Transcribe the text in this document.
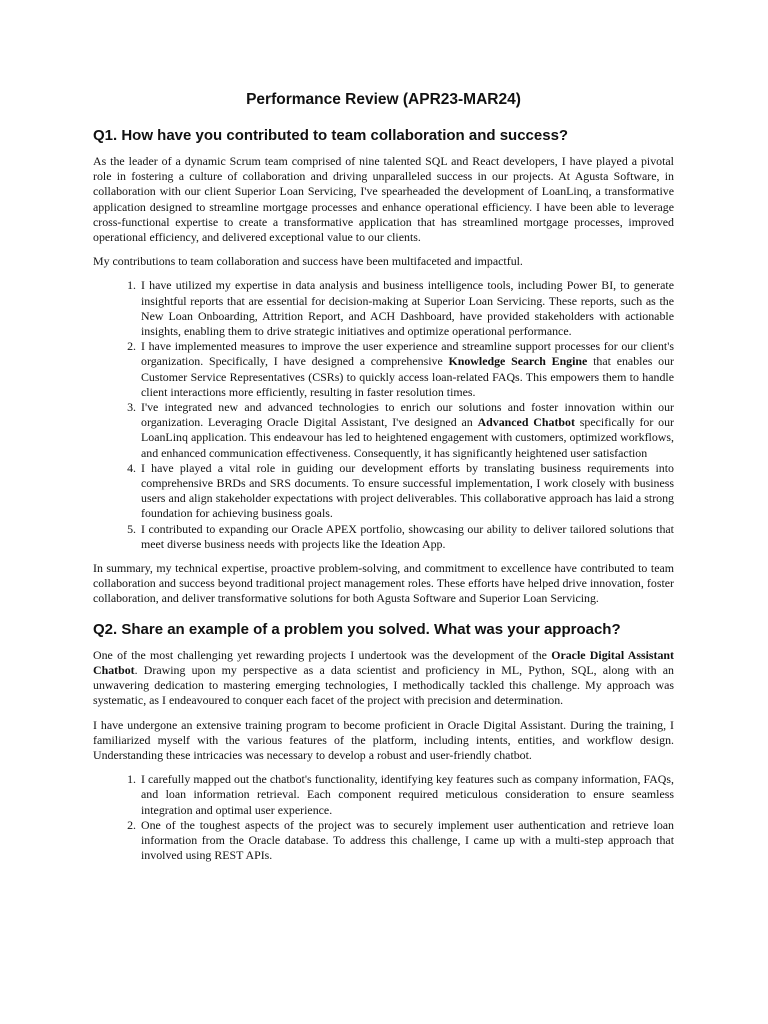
Performance Review (APR23-MAR24)
Q1. How have you contributed to team collaboration and success?

As the leader of a dynamic Scrum team comprised of nine talented SQL and React developers, I have played a pivotal role in fostering a culture of collaboration and driving unparalleled success in our projects. At Agusta Software, in collaboration with our client Superior Loan Servicing, I've spearheaded the development of LoanLinq, a transformative application designed to streamline mortgage processes and enhance operational efficiency. I have been able to leverage cross-functional expertise to create a transformative application that has streamlined mortgage processes, improved operational efficiency, and delivered exceptional value to our clients.

My contributions to team collaboration and success have been multifaceted and impactful.

1. I have utilized my expertise in data analysis and business intelligence tools, including Power BI, to generate insightful reports that are essential for decision-making at Superior Loan Servicing. These reports, such as the New Loan Onboarding, Attrition Report, and ACH Dashboard, have provided stakeholders with actionable insights, enabling them to drive strategic initiatives and optimize operational performance.
2. I have implemented measures to improve the user experience and streamline support processes for our client's organization. Specifically, I have designed a comprehensive Knowledge Search Engine that enables our Customer Service Representatives (CSRs) to quickly access loan-related FAQs. This empowers them to handle client interactions more efficiently, resulting in faster resolution times.
3. I've integrated new and advanced technologies to enrich our solutions and foster innovation within our organization. Leveraging Oracle Digital Assistant, I've designed an Advanced Chatbot specifically for our LoanLinq application. This endeavour has led to heightened engagement with customers, optimized workflows, and enhanced communication effectiveness. Consequently, it has significantly heightened user satisfaction
4. I have played a vital role in guiding our development efforts by translating business requirements into comprehensive BRDs and SRS documents. To ensure successful implementation, I work closely with business users and align stakeholder expectations with project deliverables. This collaborative approach has laid a strong foundation for achieving business goals.
5. I contributed to expanding our Oracle APEX portfolio, showcasing our ability to deliver tailored solutions that meet diverse business needs with projects like the Ideation App.

In summary, my technical expertise, proactive problem-solving, and commitment to excellence have contributed to team collaboration and success beyond traditional project management roles. These efforts have helped drive innovation, foster collaboration, and deliver transformative solutions for both Agusta Software and Superior Loan Servicing.

Q2. Share an example of a problem you solved. What was your approach?

One of the most challenging yet rewarding projects I undertook was the development of the Oracle Digital Assistant Chatbot. Drawing upon my perspective as a data scientist and proficiency in ML, Python, SQL, along with an unwavering dedication to mastering emerging technologies, I methodically tackled this challenge. My approach was systematic, as I endeavoured to conquer each facet of the project with precision and determination.

I have undergone an extensive training program to become proficient in Oracle Digital Assistant. During the training, I familiarized myself with the various features of the platform, including intents, entities, and workflow design. Understanding these intricacies was necessary to develop a robust and user-friendly chatbot.

1. I carefully mapped out the chatbot's functionality, identifying key features such as company information, FAQs, and loan information retrieval. Each component required meticulous consideration to ensure seamless integration and optimal user experience.
2. One of the toughest aspects of the project was to securely implement user authentication and retrieve loan information from the Oracle database. To address this challenge, I came up with a multi-step approach that involved using REST APIs.
